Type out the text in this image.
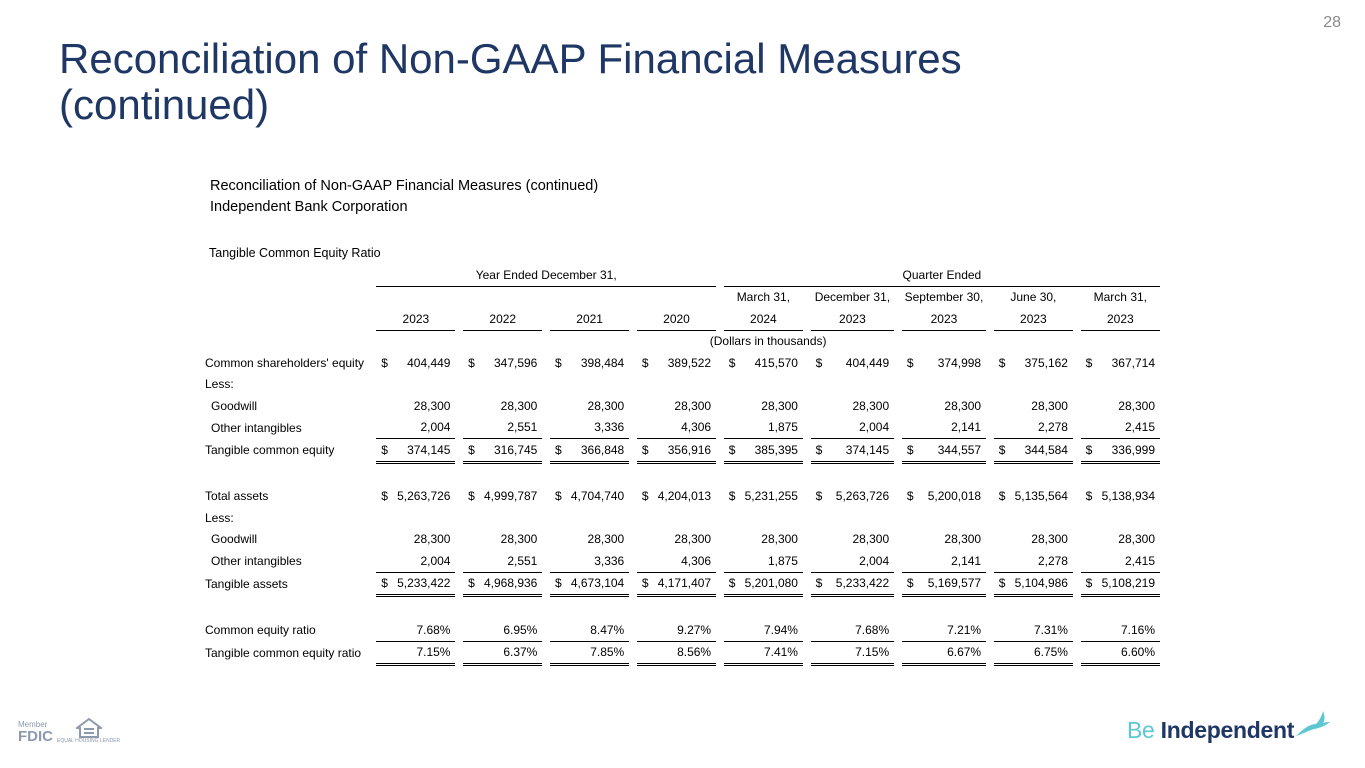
28
Reconciliation of Non-GAAP Financial Measures (continued)
Reconciliation of Non-GAAP Financial Measures (continued)
Independent Bank Corporation
Tangible Common Equity Ratio
	Year Ended December 31,								Quarter Ended								
									March 31,		December 31,		September 30,		June 30,		March 31,
	2023		2022		2021		2020		2024		2023		2023		2023		2023
	(Dollars in thousands)																
Common shareholders' equity	$ 404,449		$ 347,596		$ 398,484		$ 389,522		$ 415,570		$ 404,449		$ 374,998		$ 375,162		$ 367,714

Less:																	
Goodwill	28,300		28,300		28,300		28,300		28,300		28,300		28,300		28,300		28,300

Other intangibles	2,004		2,551		3,336		4,306		1,875		2,004		2,141		2,278		2,415

Tangible common equity	$ 374,145		$ 316,745		$ 366,848		$ 356,916		$ 385,395		$ 374,145		$ 344,557		$ 344,584		$ 336,999

Total assets	$ 5,263,726		$ 4,999,787		$ 4,704,740		$ 4,204,013		$ 5,231,255		$ 5,263,726		$ 5,200,018		$ 5,135,564		$ 5,138,934

Less:																	
Goodwill	28,300		28,300		28,300		28,300		28,300		28,300		28,300		28,300		28,300

Other intangibles	2,004		2,551		3,336		4,306		1,875		2,004		2,141		2,278		2,415

Tangible assets	$ 5,233,422		$ 4,968,936		$ 4,673,104		$ 4,171,407		$ 5,201,080		$ 5,233,422		$ 5,169,577		$ 5,104,986		$ 5,108,219

Common equity ratio	7.68%		6.95%		8.47%		9.27%		7.94%		7.68%		7.21%		7.31%		7.16%

Tangible common equity ratio	7.15%		6.37%		7.85%		8.56%		7.41%		7.15%		6.67%		6.75%		6.60%
Member
FDIC EQUAL HOUSING LENDER	Be Independent
